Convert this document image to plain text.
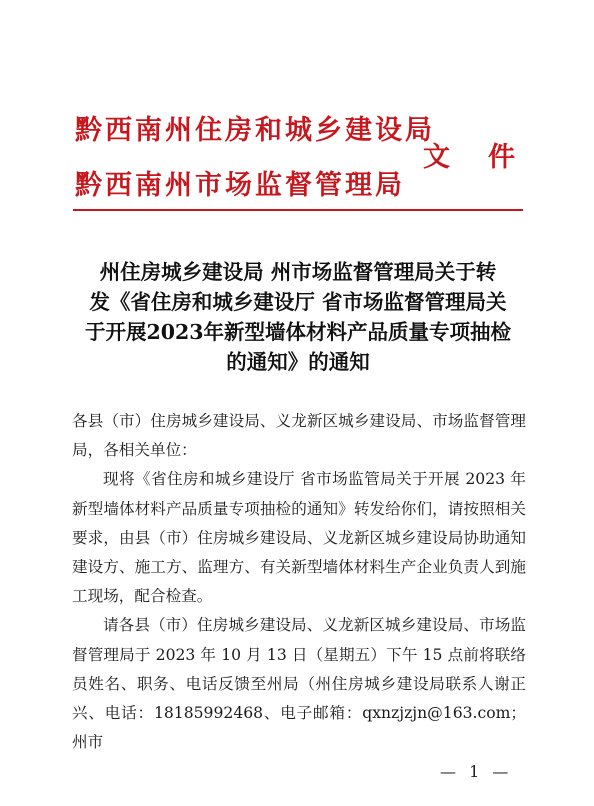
黔西南州住房和城乡建设局
黔西南州市场监督管理局
文件
州住房城乡建设局 州市场监督管理局关于转
发《省住房和城乡建设厅 省市场监督管理局关
于开展2023年新型墙体材料产品质量专项抽检
的通知》的通知

各县（市）住房城乡建设局、义龙新区城乡建设局、市场监督管理局，各相关单位：

现将《省住房和城乡建设厅 省市场监管局关于开展 2023 年新型墙体材料产品质量专项抽检的通知》转发给你们，请按照相关要求，由县（市）住房城乡建设局、义龙新区城乡建设局协助通知建设方、施工方、监理方、有关新型墙体材料生产企业负责人到施工现场，配合检查。

请各县（市）住房城乡建设局、义龙新区城乡建设局、市场监督管理局于 2023 年 10 月 13 日（星期五）下午 15 点前将联络员姓名、职务、电话反馈至州局（州住房城乡建设局联系人谢正兴、电话：18185992468、电子邮箱：qxnzjzjn@163.com；州市

— 1 —
